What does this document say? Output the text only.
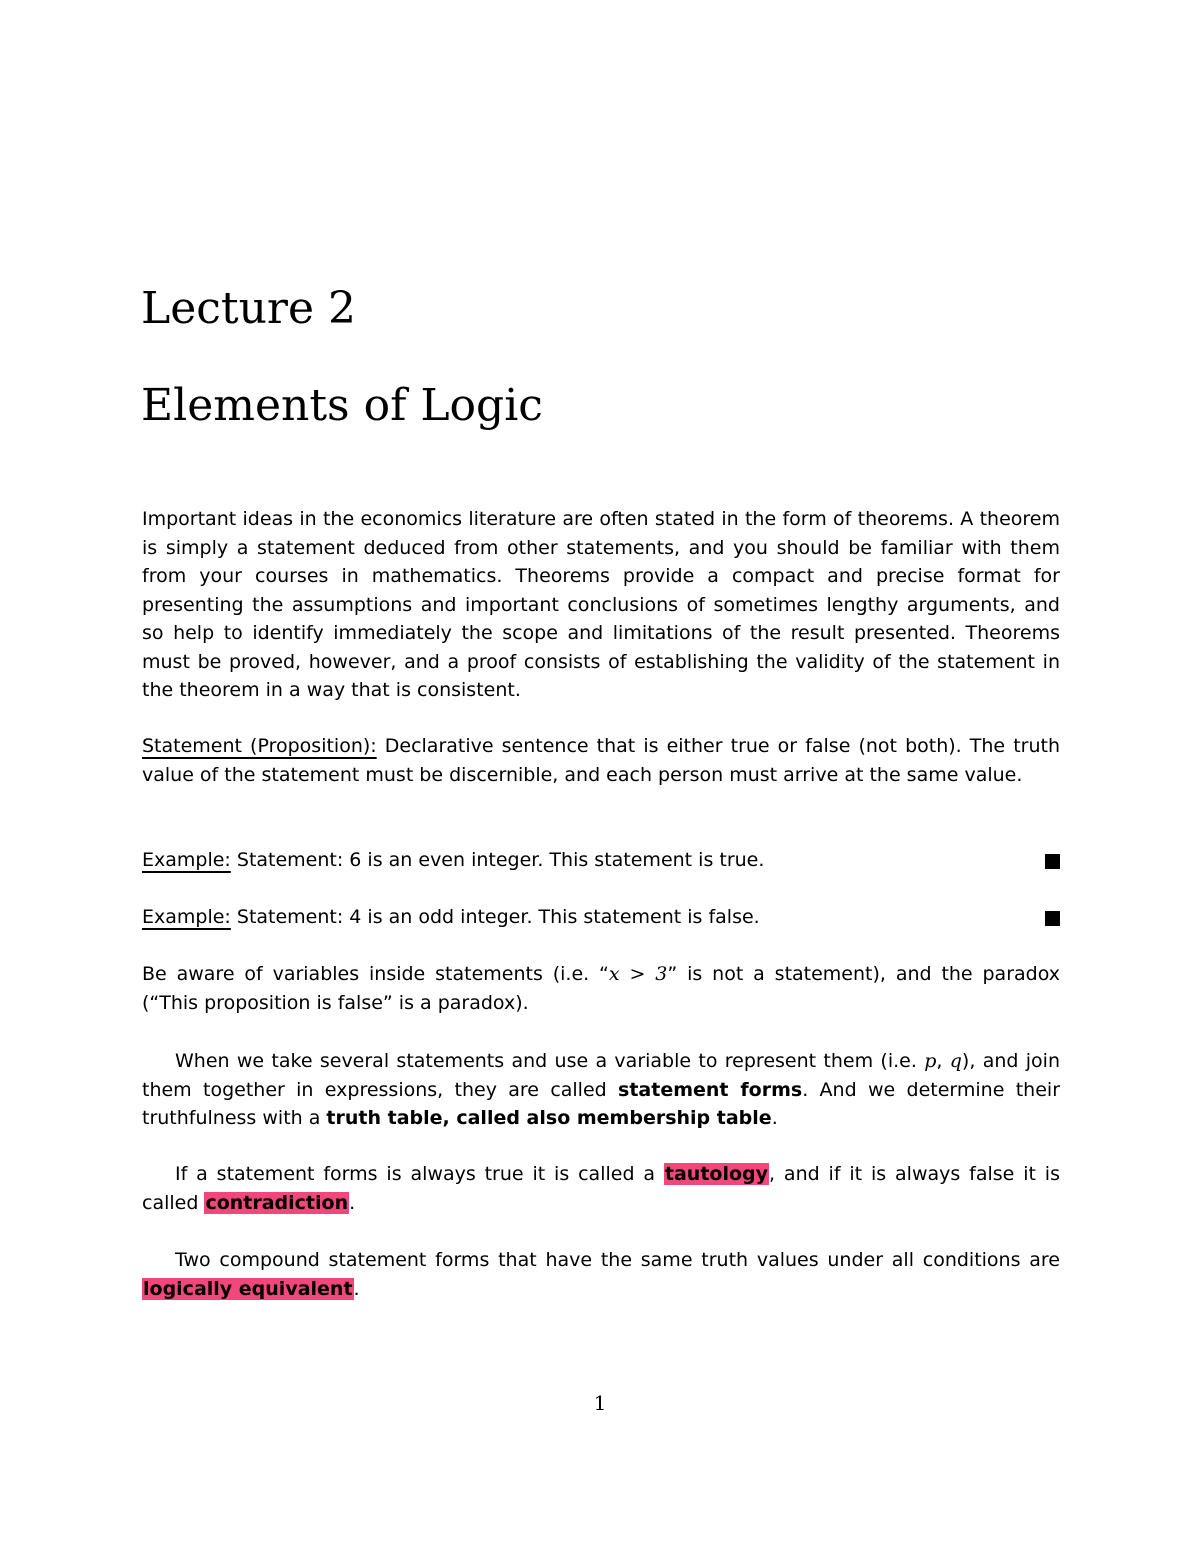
Lecture 2
Elements of Logic

Important ideas in the economics literature are often stated in the form of theorems. A theorem is simply a statement deduced from other statements, and you should be familiar with them from your courses in mathematics. Theorems provide a compact and precise format for presenting the assumptions and important conclusions of sometimes lengthy arguments, and so help to identify immediately the scope and limitations of the result presented. Theorems must be proved, however, and a proof consists of establishing the validity of the statement in the theorem in a way that is consistent.

Statement (Proposition): Declarative sentence that is either true or false (not both). The truth value of the statement must be discernible, and each person must arrive at the same value.

Example: Statement: 6 is an even integer. This statement is true.

Example: Statement: 4 is an odd integer. This statement is false.

Be aware of variables inside statements (i.e. “x > 3” is not a statement), and the paradox (“This proposition is false” is a paradox).

When we take several statements and use a variable to represent them (i.e. p, q), and join them together in expressions, they are called statement forms. And we determine their truthfulness with a truth table, called also membership table.

If a statement forms is always true it is called a tautology, and if it is always false it is called contradiction.

Two compound statement forms that have the same truth values under all conditions are logically equivalent.

1
